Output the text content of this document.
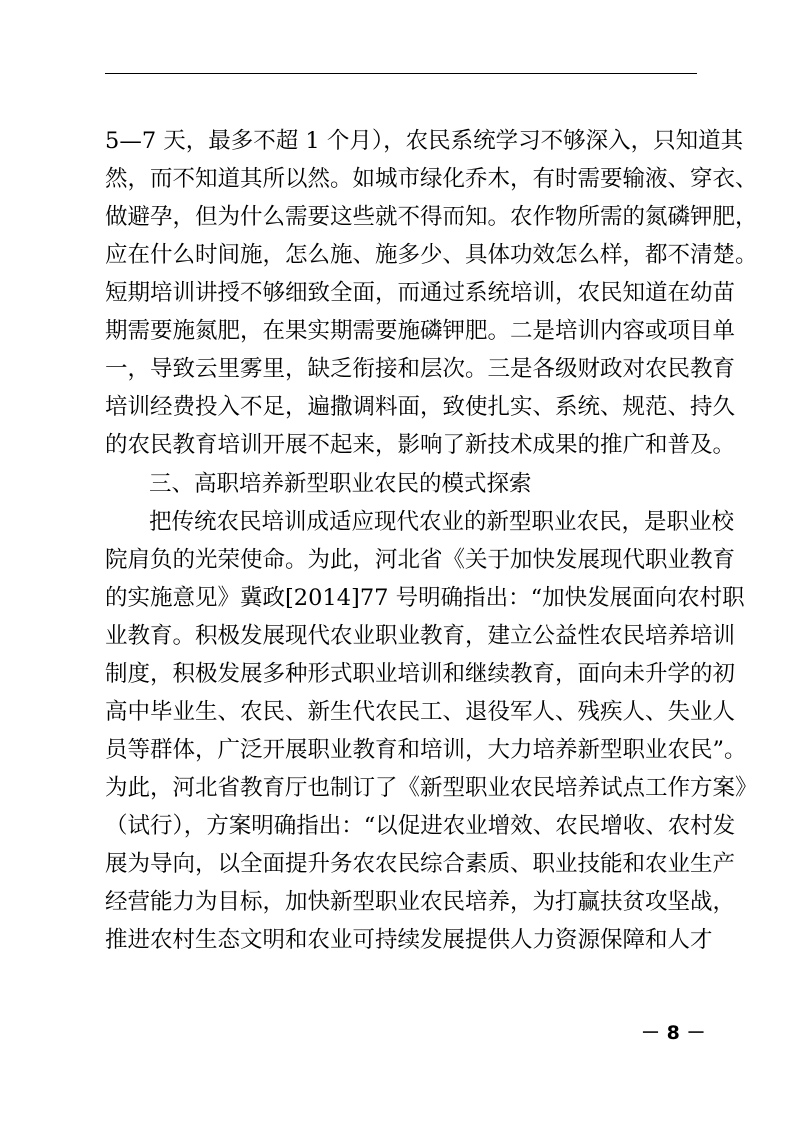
5—7 天，最多不超 1 个月），农民系统学习不够深入，只知道其
然，而不知道其所以然。如城市绿化乔木，有时需要输液、穿衣、
做避孕，但为什么需要这些就不得而知。农作物所需的氮磷钾肥，
应在什么时间施，怎么施、施多少、具体功效怎么样，都不清楚。
短期培训讲授不够细致全面，而通过系统培训，农民知道在幼苗
期需要施氮肥，在果实期需要施磷钾肥。二是培训内容或项目单
一，导致云里雾里，缺乏衔接和层次。三是各级财政对农民教育
培训经费投入不足，遍撒调料面，致使扎实、系统、规范、持久
的农民教育培训开展不起来，影响了新技术成果的推广和普及。
三、高职培养新型职业农民的模式探索
把传统农民培训成适应现代农业的新型职业农民，是职业校
院肩负的光荣使命。为此，河北省《关于加快发展现代职业教育
的实施意见》冀政[2014]77 号明确指出：“加快发展面向农村职
业教育。积极发展现代农业职业教育，建立公益性农民培养培训
制度，积极发展多种形式职业培训和继续教育，面向未升学的初
高中毕业生、农民、新生代农民工、退役军人、残疾人、失业人
员等群体，广泛开展职业教育和培训，大力培养新型职业农民”。
为此，河北省教育厅也制订了《新型职业农民培养试点工作方案》
（试行），方案明确指出：“以促进农业增效、农民增收、农村发
展为导向，以全面提升务农农民综合素质、职业技能和农业生产
经营能力为目标，加快新型职业农民培养，为打赢扶贫攻坚战，
推进农村生态文明和农业可持续发展提供人力资源保障和人才
－ 8 －
